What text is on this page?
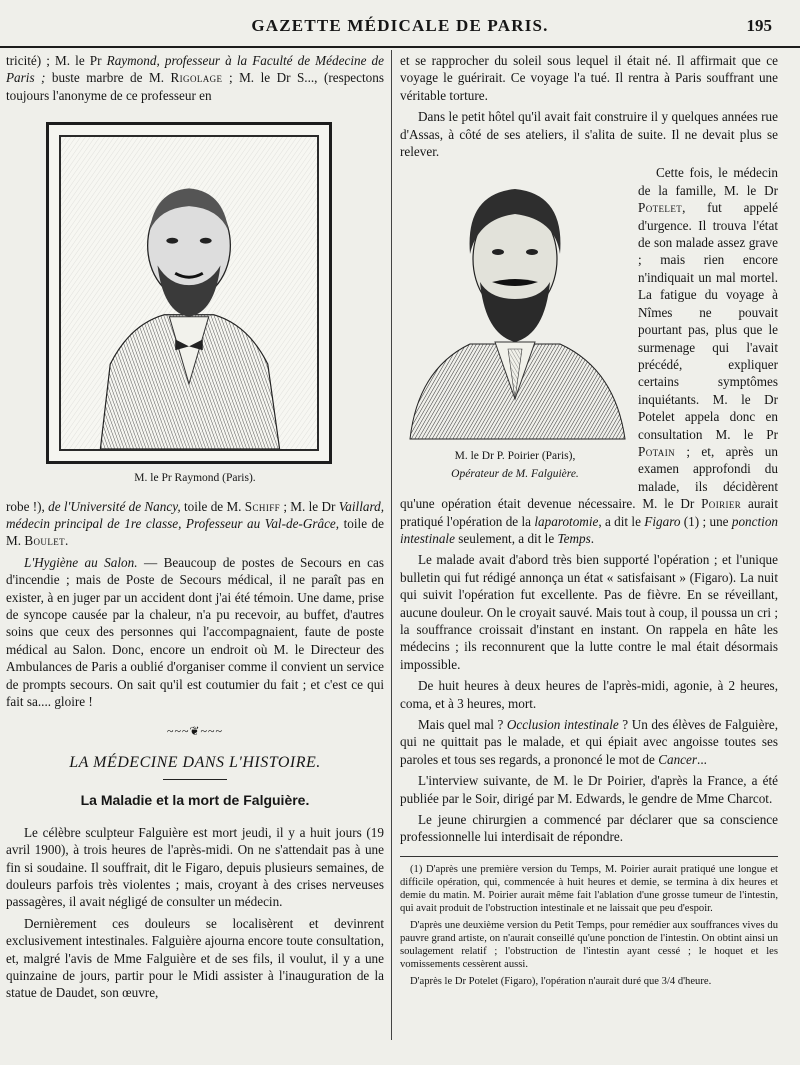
GAZETTE MÉDICALE DE PARIS.	195

tricité) ; M. le Pr Raymond, professeur à la Faculté de Médecine de Paris ; buste marbre de M. Rigolage ; M. le Dr S..., (respectons toujours l'anonyme de ce professeur en

M. le Pr Raymond (Paris).

robe !), de l'Université de Nancy, toile de M. Schiff ; M. le Dr Vaillard, médecin principal de 1re classe, Professeur au Val-de-Grâce, toile de M. Boulet.

L'Hygiène au Salon. — Beaucoup de postes de Secours en cas d'incendie ; mais de Poste de Secours médical, il ne paraît pas en exister, à en juger par un accident dont j'ai été témoin. Une dame, prise de syncope causée par la chaleur, n'a pu recevoir, au buffet, d'autres soins que ceux des personnes qui l'accompagnaient, faute de poste médical au Salon. Donc, encore un endroit où M. le Directeur des Ambulances de Paris a oublié d'organiser comme il convient un service de prompts secours. On sait qu'il est coutumier du fait ; et c'est ce qui fait sa.... gloire !

~~~❦~~~
LA MÉDECINE DANS L'HISTOIRE.
La Maladie et la mort de Falguière.

Le célèbre sculpteur Falguière est mort jeudi, il y a huit jours (19 avril 1900), à trois heures de l'après-midi. On ne s'attendait pas à une fin si soudaine. Il souffrait, dit le Figaro, depuis plusieurs semaines, de douleurs parfois très violentes ; mais, croyant à des crises nerveuses passagères, il avait négligé de consulter un médecin.

Dernièrement ces douleurs se localisèrent et devinrent exclusivement intestinales. Falguière ajourna encore toute consultation, et, malgré l'avis de Mme Falguière et de ses fils, il voulut, il y a une quinzaine de jours, partir pour le Midi assister à l'inauguration de la statue de Daudet, son œuvre,

et se rapprocher du soleil sous lequel il était né. Il affirmait que ce voyage le guérirait. Ce voyage l'a tué. Il rentra à Paris souffrant une véritable torture.

Dans le petit hôtel qu'il avait fait construire il y quelques années rue d'Assas, à côté de ses ateliers, il s'alita de suite. Il ne devait plus se relever.

M. le Dr P. Poirier (Paris),
Opérateur de M. Falguière.

Cette fois, le médecin de la famille, M. le Dr Potelet, fut appelé d'urgence. Il trouva l'état de son malade assez grave ; mais rien encore n'indiquait un mal mortel. La fatigue du voyage à Nîmes ne pouvait pourtant pas, plus que le surmenage qui l'avait précédé, expliquer certains symptômes inquiétants. M. le Dr Potelet appela donc en consultation M. le Pr Potain ; et, après un examen approfondi du malade, ils décidèrent qu'une opération était devenue nécessaire. M. le Dr Poirier aurait pratiqué l'opération de la laparotomie, a dit le Figaro (1) ; une ponction intestinale seulement, a dit le Temps.

Le malade avait d'abord très bien supporté l'opération ; et l'unique bulletin qui fut rédigé annonça un état « satisfaisant » (Figaro). La nuit qui suivit l'opération fut excellente. Pas de fièvre. En se réveillant, aucune douleur. On le croyait sauvé. Mais tout à coup, il poussa un cri ; la souffrance croissait d'instant en instant. On rappela en hâte les médecins ; ils reconnurent que la lutte contre le mal était désormais impossible.

De huit heures à deux heures de l'après-midi, agonie, à 2 heures, coma, et à 3 heures, mort.

Mais quel mal ? Occlusion intestinale ? Un des élèves de Falguière, qui ne quittait pas le malade, et qui épiait avec angoisse toutes ses paroles et tous ses regards, a prononcé le mot de Cancer...

L'interview suivante, de M. le Dr Poirier, d'après la France, a été publiée par le Soir, dirigé par M. Edwards, le gendre de Mme Charcot.

Le jeune chirurgien a commencé par déclarer que sa conscience professionnelle lui interdisait de répondre.

(1) D'après une première version du Temps, M. Poirier aurait pratiqué une longue et difficile opération, qui, commencée à huit heures et demie, se termina à dix heures et demie du matin. M. Poirier aurait même fait l'ablation d'une grosse tumeur de l'intestin, qui avait produit de l'obstruction intestinale et ne laissait que peu d'espoir.

D'après une deuxième version du Petit Temps, pour remédier aux souffrances vives du pauvre grand artiste, on n'aurait conseillé qu'une ponction de l'intestin. On obtint ainsi un soulagement relatif ; l'obstruction de l'intestin ayant cessé ; le hoquet et les vomissements cessèrent aussi.

D'après le Dr Potelet (Figaro), l'opération n'aurait duré que 3/4 d'heure.
